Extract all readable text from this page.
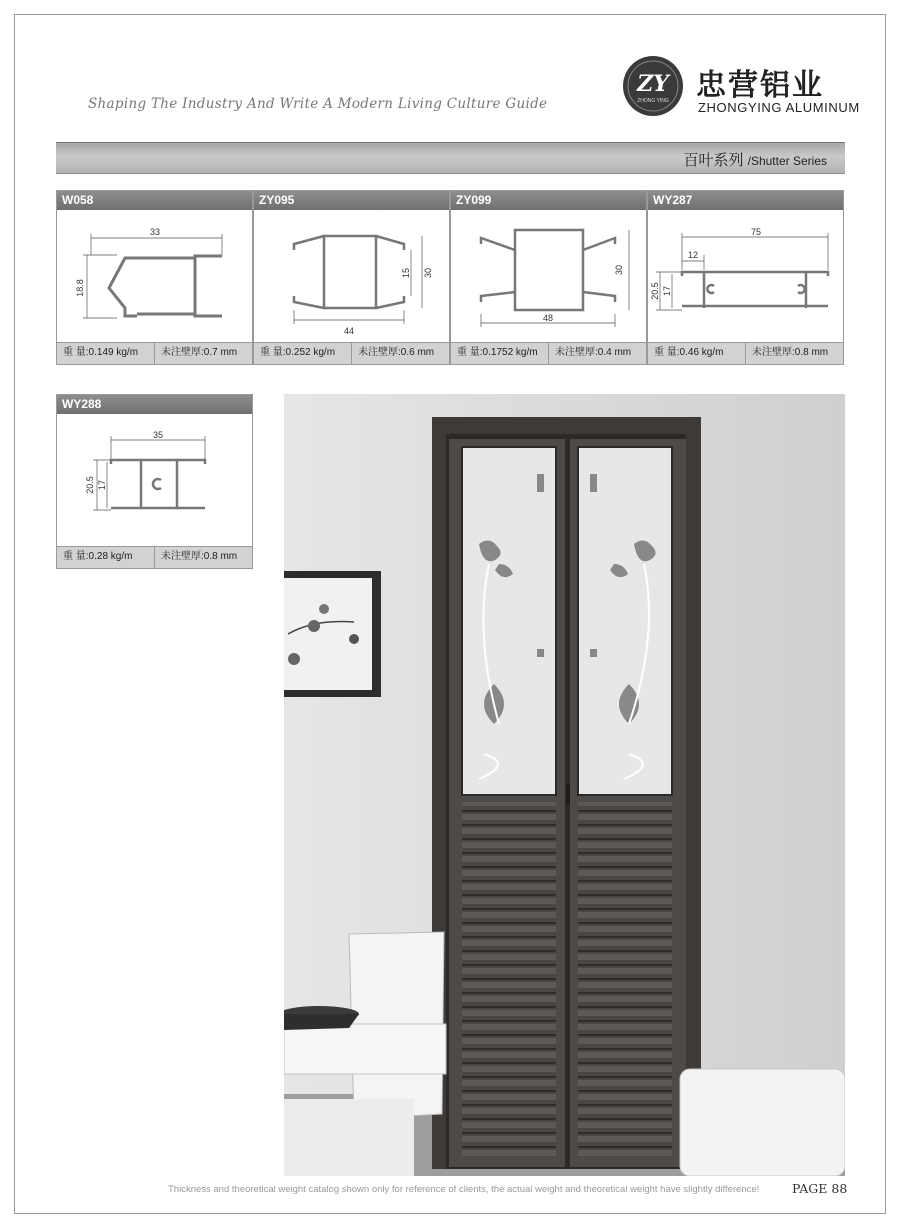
Shaping The Industry And Write A Modern Living Culture Guide
ZY
ZHONG YING 忠营铝业
ZHONGYING ALUMINUM
百叶系列 /Shutter Series
W058
33
18.8
重 量:0.149 kg/m	未注壁厚:0.7 mm
ZY095
44
15 30
重 量:0.252 kg/m	未注壁厚:0.6 mm
ZY099
48
30
重 量:0.1752 kg/m	未注壁厚:0.4 mm
WY287
75
12
20.5 17
重 量:0.46 kg/m	未注壁厚:0.8 mm
WY288
35
20.5 17
重 量:0.28 kg/m	未注壁厚:0.8 mm
Thickness and theoretical weight catalog shown only for reference of clients, the actual weight and theoretical weight have slightly difference!	PAGE 88
